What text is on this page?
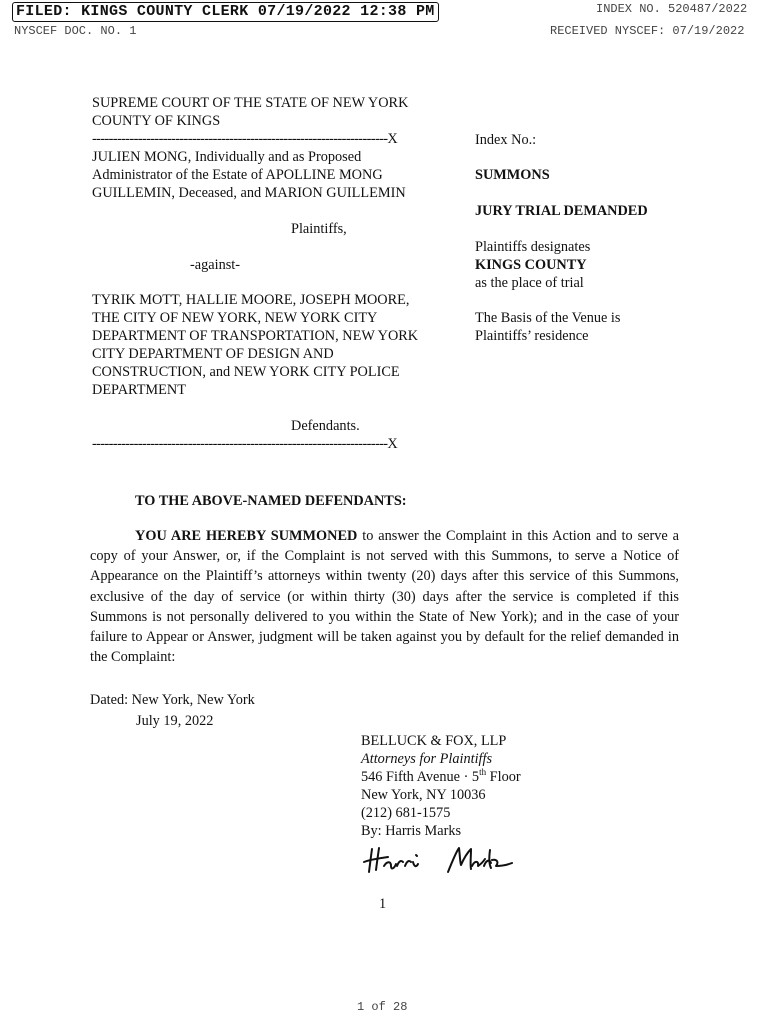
FILED: KINGS COUNTY CLERK 07/19/2022 12:38 PM	INDEX NO. 520487/2022
NYSCEF DOC. NO. 1	RECEIVED NYSCEF: 07/19/2022
SUPREME COURT OF THE STATE OF NEW YORK
COUNTY OF KINGS
-----------------------------------------------------------------------X
JULIEN MONG, Individually and as Proposed
Administrator of the Estate of APOLLINE MONG
GUILLEMIN, Deceased, and MARION GUILLEMIN
Plaintiffs,
-against-
TYRIK MOTT, HALLIE MOORE, JOSEPH MOORE,
THE CITY OF NEW YORK, NEW YORK CITY
DEPARTMENT OF TRANSPORTATION, NEW YORK
CITY DEPARTMENT OF DESIGN AND
CONSTRUCTION, and NEW YORK CITY POLICE
DEPARTMENT
Defendants.
-----------------------------------------------------------------------X
Index No.:
SUMMONS
JURY TRIAL DEMANDED
Plaintiffs designates
KINGS COUNTY
as the place of trial
The Basis of the Venue is
Plaintiffs’ residence
TO THE ABOVE-NAMED DEFENDANTS:
YOU ARE HEREBY SUMMONED to answer the Complaint in this Action and to serve a copy of your Answer, or, if the Complaint is not served with this Summons, to serve a Notice of Appearance on the Plaintiff’s attorneys within twenty (20) days after this service of this Summons, exclusive of the day of service (or within thirty (30) days after the service is completed if this Summons is not personally delivered to you within the State of New York); and in the case of your failure to Appear or Answer, judgment will be taken against you by default for the relief demanded in the Complaint:
Dated: New York, New York
July 19, 2022
BELLUCK & FOX, LLP
Attorneys for Plaintiffs
546 Fifth Avenue · 5th Floor
New York, NY 10036
(212) 681-1575
By: Harris Marks
1
1 of 28
